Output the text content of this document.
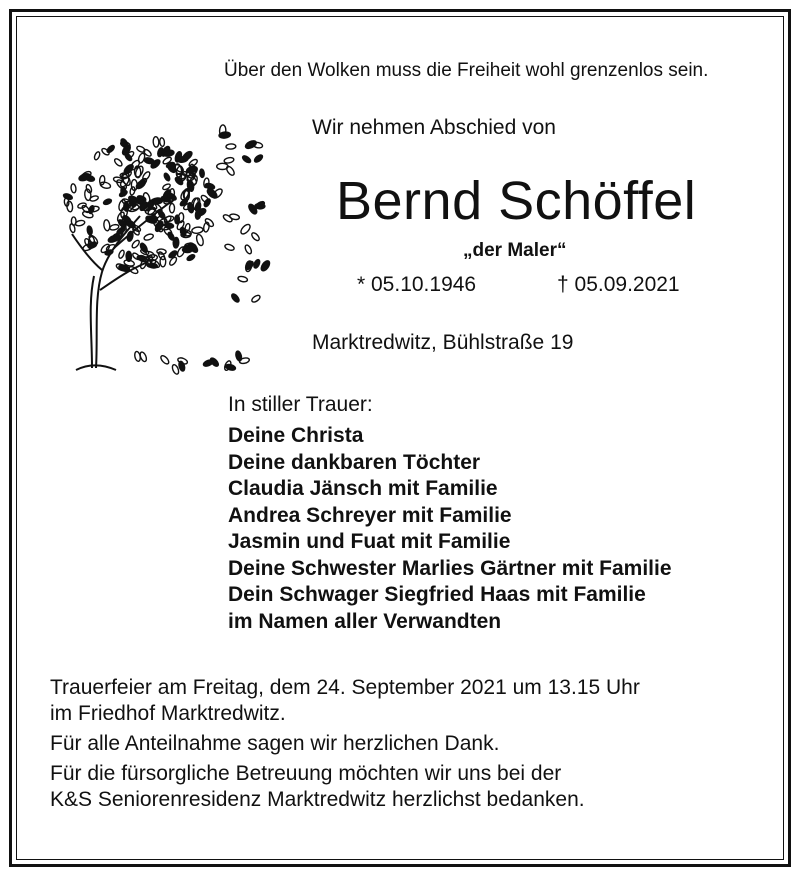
Über den Wolken muss die Freiheit wohl grenzenlos sein.
Wir nehmen Abschied von
Bernd Schöffel
„der Maler“
* 05.10.1946	† 05.09.2021
Marktredwitz, Bühlstraße 19
In stiller Trauer:
Deine Christa
Deine dankbaren Töchter
Claudia Jänsch mit Familie
Andrea Schreyer mit Familie
Jasmin und Fuat mit Familie
Deine Schwester Marlies Gärtner mit Familie
Dein Schwager Siegfried Haas mit Familie
im Namen aller Verwandten

Trauerfeier am Freitag, dem 24. September 2021 um 13.15 Uhr

im Friedhof Marktredwitz.

Für alle Anteilnahme sagen wir herzlichen Dank.

Für die fürsorgliche Betreuung möchten wir uns bei der

K&S Seniorenresidenz Marktredwitz herzlichst bedanken.
